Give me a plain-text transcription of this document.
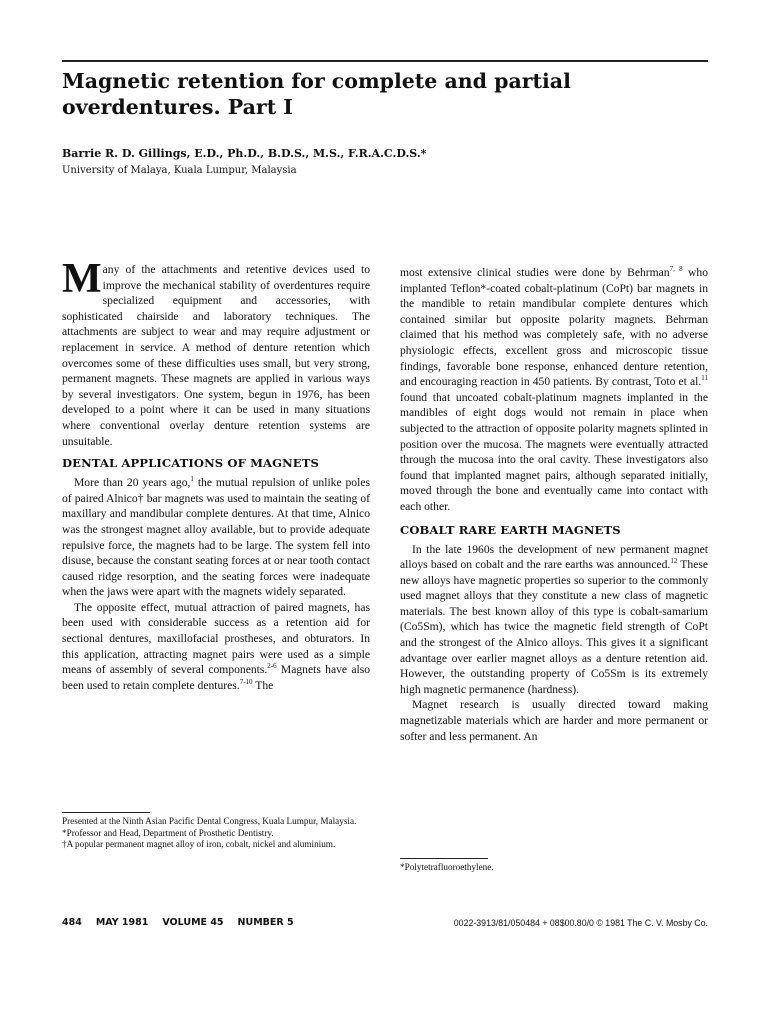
Magnetic retention for complete and partial overdentures. Part I

Barrie R. D. Gillings, E.D., Ph.D., B.D.S., M.S., F.R.A.C.D.S.*

University of Malaya, Kuala Lumpur, Malaysia

Many of the attachments and retentive devices used to improve the mechanical stability of overdentures require specialized equipment and accessories, with sophisticated chairside and laboratory techniques. The attachments are subject to wear and may require adjustment or replacement in service. A method of denture retention which overcomes some of these difficulties uses small, but very strong, permanent magnets. These magnets are applied in various ways by several investigators. One system, begun in 1976, has been developed to a point where it can be used in many situations where conventional overlay denture retention systems are unsuitable.

DENTAL APPLICATIONS OF MAGNETS

More than 20 years ago,$^1$ the mutual repulsion of unlike poles of paired Alnico† bar magnets was used to maintain the seating of maxillary and mandibular complete dentures. At that time, Alnico was the strongest magnet alloy available, but to provide adequate repulsive force, the magnets had to be large. The system fell into disuse, because the constant seating forces at or near tooth contact caused ridge resorption, and the seating forces were inadequate when the jaws were apart with the magnets widely separated.

The opposite effect, mutual attraction of paired magnets, has been used with considerable success as a retention aid for sectional dentures, maxillofacial prostheses, and obturators. In this application, attracting magnet pairs were used as a simple means of assembly of several components.$^{2-6}$ Magnets have also been used to retain complete dentures.$^{7-10}$ The

most extensive clinical studies were done by Behrman$^{7, 8}$ who implanted Teflon*-coated cobalt-platinum (CoPt) bar magnets in the mandible to retain mandibular complete dentures which contained similar but opposite polarity magnets. Behrman claimed that his method was completely safe, with no adverse physiologic effects, excellent gross and microscopic tissue findings, favorable bone response, enhanced denture retention, and encouraging reaction in 450 patients. By contrast, Toto et al.$^{11}$ found that uncoated cobalt-platinum magnets implanted in the mandibles of eight dogs would not remain in place when subjected to the attraction of opposite polarity magnets splinted in position over the mucosa. The magnets were eventually attracted through the mucosa into the oral cavity. These investigators also found that implanted magnet pairs, although separated initially, moved through the bone and eventually came into contact with each other.

COBALT RARE EARTH MAGNETS

In the late 1960s the development of new permanent magnet alloys based on cobalt and the rare earths was announced.$^{12}$ These new alloys have magnetic properties so superior to the commonly used magnet alloys that they constitute a new class of magnetic materials. The best known alloy of this type is cobalt-samarium (Co5Sm), which has twice the magnetic field strength of CoPt and the strongest of the Alnico alloys. This gives it a significant advantage over earlier magnet alloys as a denture retention aid. However, the outstanding property of Co5Sm is its extremely high magnetic permanence (hardness).

Magnet research is usually directed toward making magnetizable materials which are harder and more permanent or softer and less permanent. An

Presented at the Ninth Asian Pacific Dental Congress, Kuala Lumpur, Malaysia.

*Professor and Head, Department of Prosthetic Dentistry.

†A popular permanent magnet alloy of iron, cobalt, nickel and aluminium.

*Polytetrafluoroethylene.

484 MAY 1981 VOLUME 45 NUMBER 5	0022-3913/81/050484 + 08$00.80/0 © 1981 The C. V. Mosby Co.
